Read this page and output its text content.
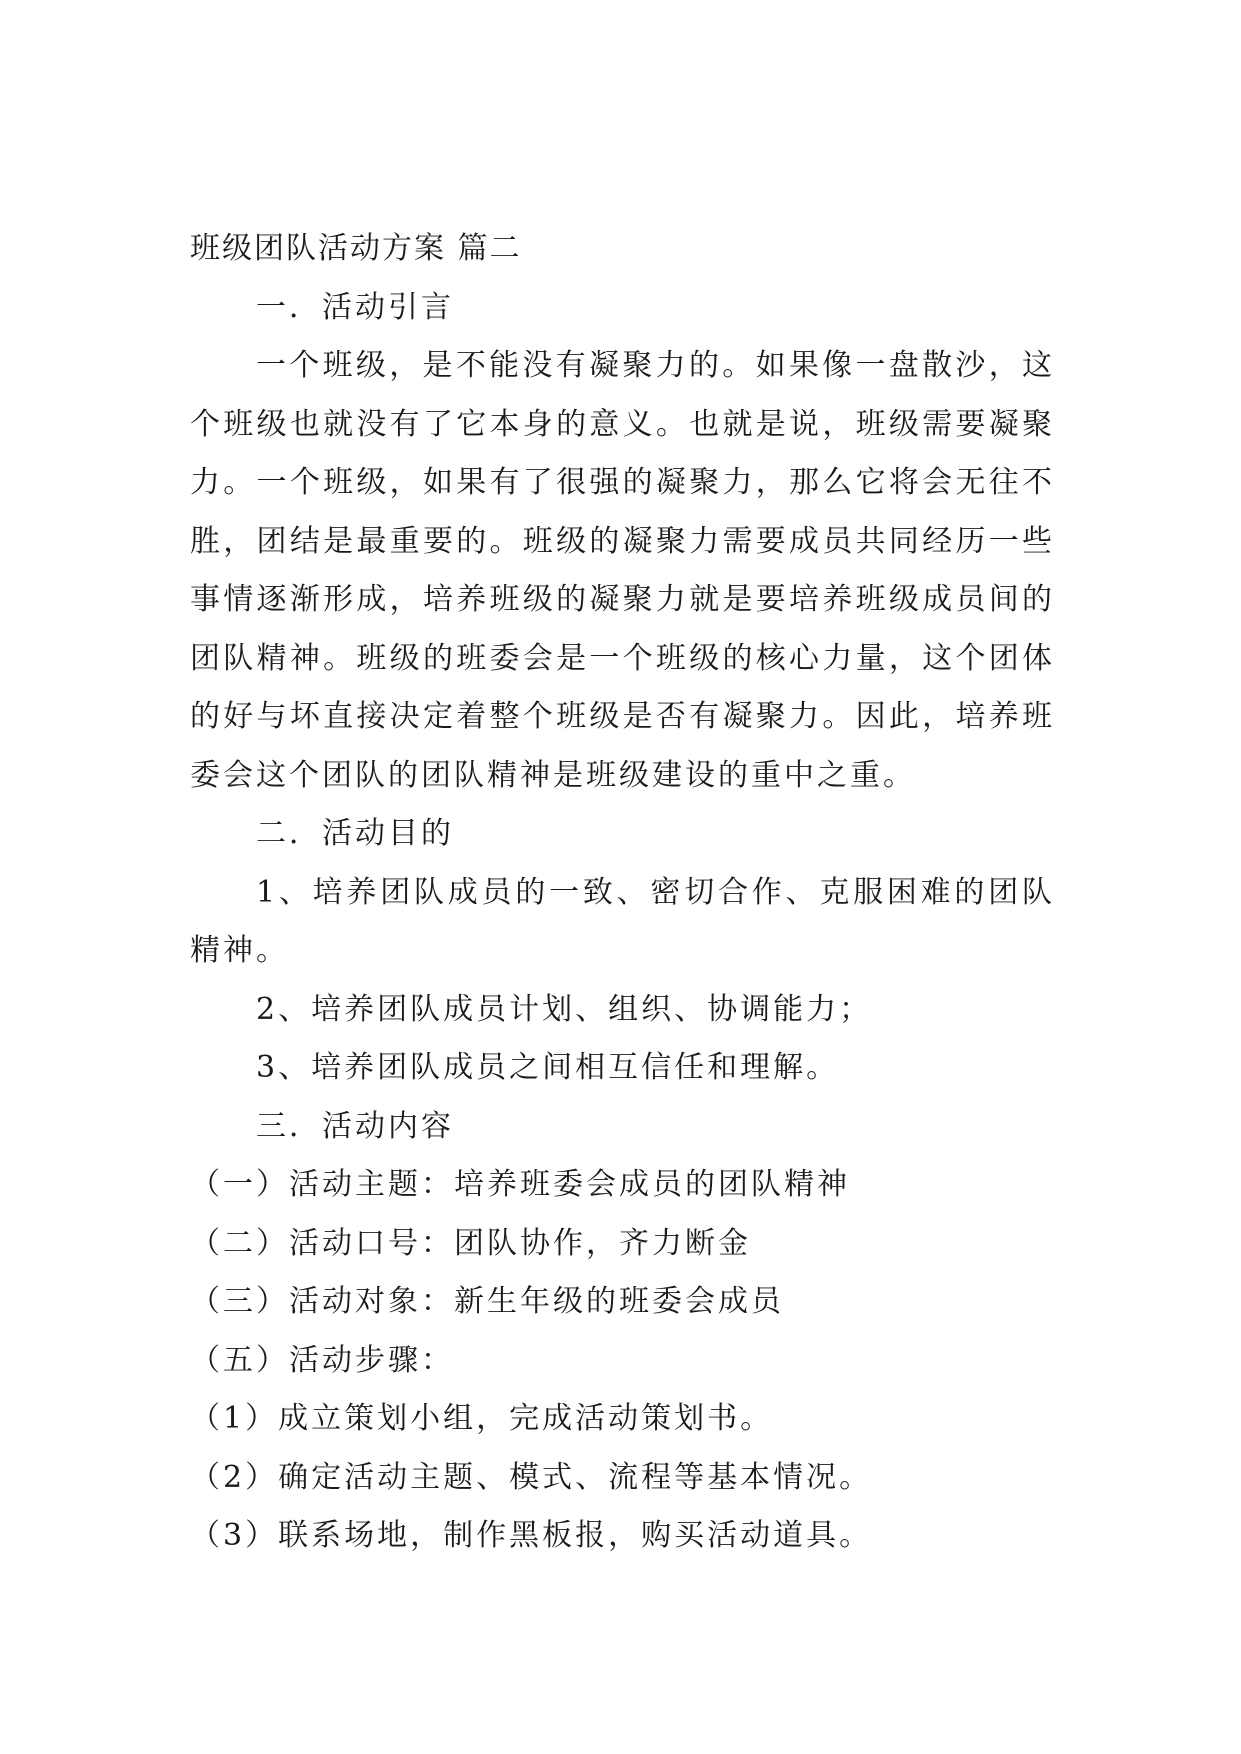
班级团队活动方案 篇二

一．活动引言

一个班级，是不能没有凝聚力的。如果像一盘散沙，这个班级也就没有了它本身的意义。也就是说，班级需要凝聚力。一个班级，如果有了很强的凝聚力，那么它将会无往不胜，团结是最重要的。班级的凝聚力需要成员共同经历一些事情逐渐形成，培养班级的凝聚力就是要培养班级成员间的团队精神。班级的班委会是一个班级的核心力量，这个团体的好与坏直接决定着整个班级是否有凝聚力。因此，培养班委会这个团队的团队精神是班级建设的重中之重。

二．活动目的

1、培养团队成员的一致、密切合作、克服困难的团队精神。

2、培养团队成员计划、组织、协调能力；

3、培养团队成员之间相互信任和理解。

三．活动内容

（一）活动主题：培养班委会成员的团队精神

（二）活动口号：团队协作，齐力断金

（三）活动对象：新生年级的班委会成员

（五）活动步骤：

（1）成立策划小组，完成活动策划书。

（2）确定活动主题、模式、流程等基本情况。

（3）联系场地，制作黑板报，购买活动道具。
